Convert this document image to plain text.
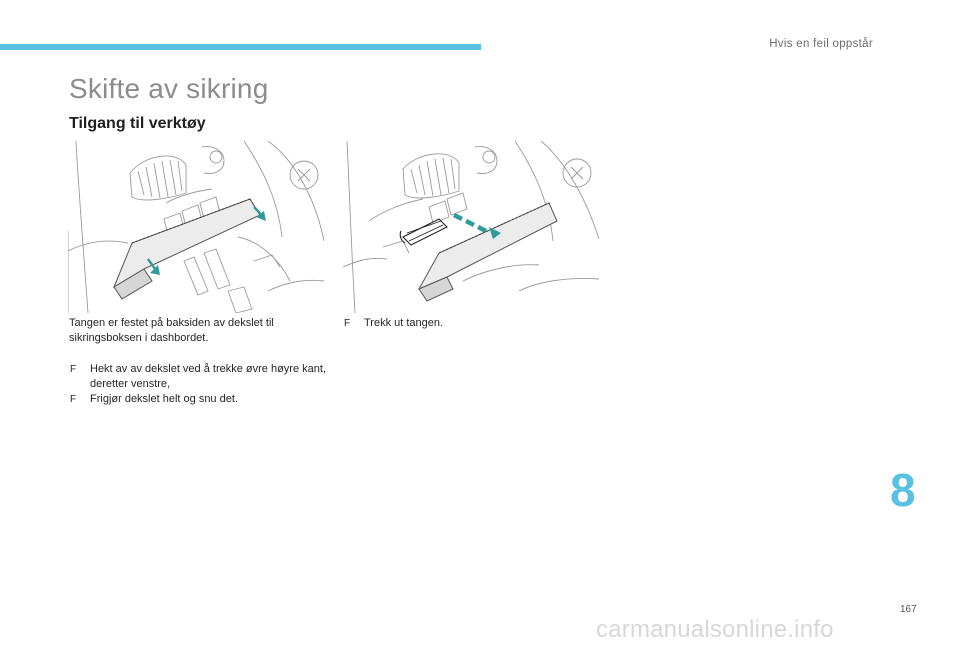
Hvis en feil oppstår
Skifte av sikring
Tilgang til verktøy
Tangen er festet på baksiden av dekslet til sikringsboksen i dashbordet.

F Hekt av av dekslet ved å trekke øvre høyre kant, deretter venstre,

F Frigjør dekslet helt og snu det.

F Trekk ut tangen.

8
167
carmanualsonline.info
